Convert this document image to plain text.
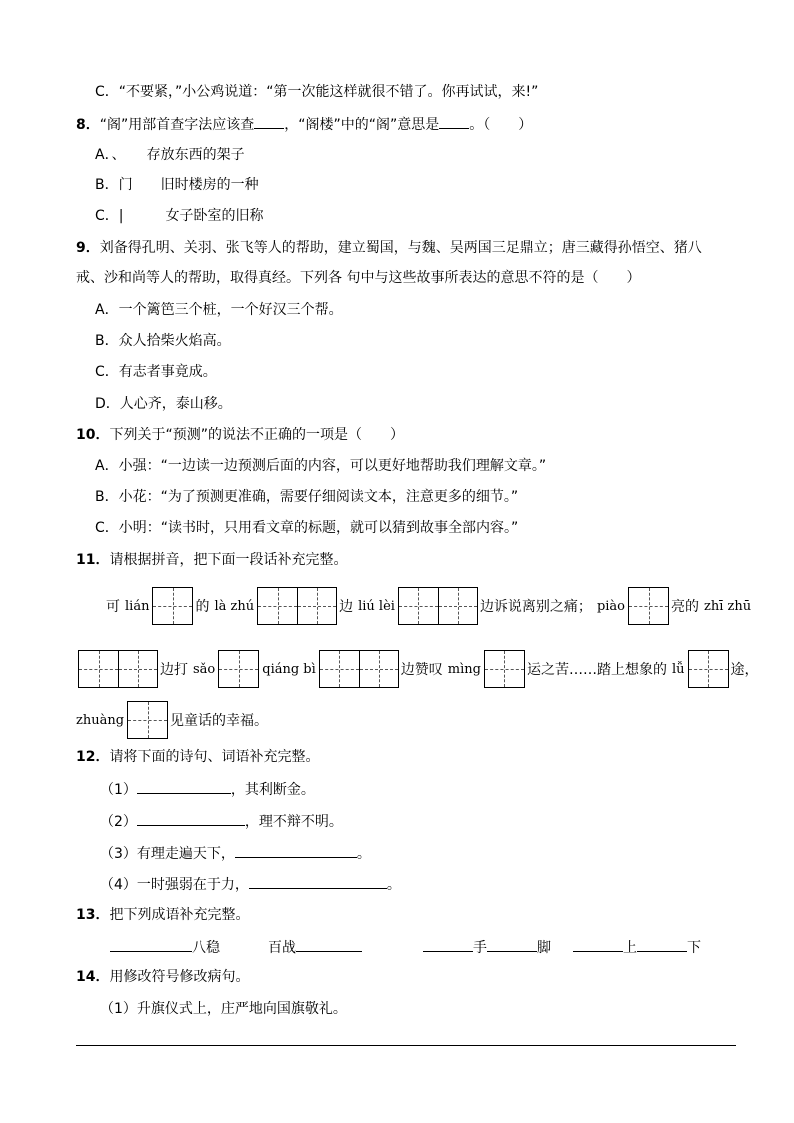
C．“不要紧，”小公鸡说道：“第一次能这样就很不错了。你再试试，来!”
8．“阁”用部首查字法应该查 ，“阁楼”中的“阁”意思是 。（　　）
A．、　　存放东西的架子
B．门　　旧时楼房的一种
C．|　　　女子卧室的旧称
9．刘备得孔明、关羽、张飞等人的帮助，建立蜀国，与魏、吴两国三足鼎立；唐三藏得孙悟空、猪八
戒、沙和尚等人的帮助，取得真经。下列各 句中与这些故事所表达的意思不符的是（　　）
A．一个篱笆三个桩，一个好汉三个帮。
B．众人拾柴火焰高。
C．有志者事竟成。
D．人心齐，泰山移。
10．下列关于“预测”的说法不正确的一项是（　　）
A．小强：“一边读一边预测后面的内容，可以更好地帮助我们理解文章。”
B．小花：“为了预测更准确，需要仔细阅读文本，注意更多的细节。”
C．小明：“读书时，只用看文章的标题，就可以猜到故事全部内容。”
11．请根据拼音，把下面一段话补充完整。
可 lián	的 là zhú	边 liú lèi	边诉说离别之痛； piào	亮的 zhī zhū
边打 sǎo	qiáng bì	边赞叹 mìng	运之苦……踏上想象的 lǚ	途，
zhuàng	见童话的幸福。
12．请将下面的诗句、词语补充完整。
（1）	，其利断金。
（2）	，理不辩不明。
（3）有理走遍天下，	。
（4）一时强弱在于力，	。
13．把下列成语补充完整。
八稳	百战	手	脚	上	下
14．用修改符号修改病句。
（1）升旗仪式上，庄严地向国旗敬礼。
